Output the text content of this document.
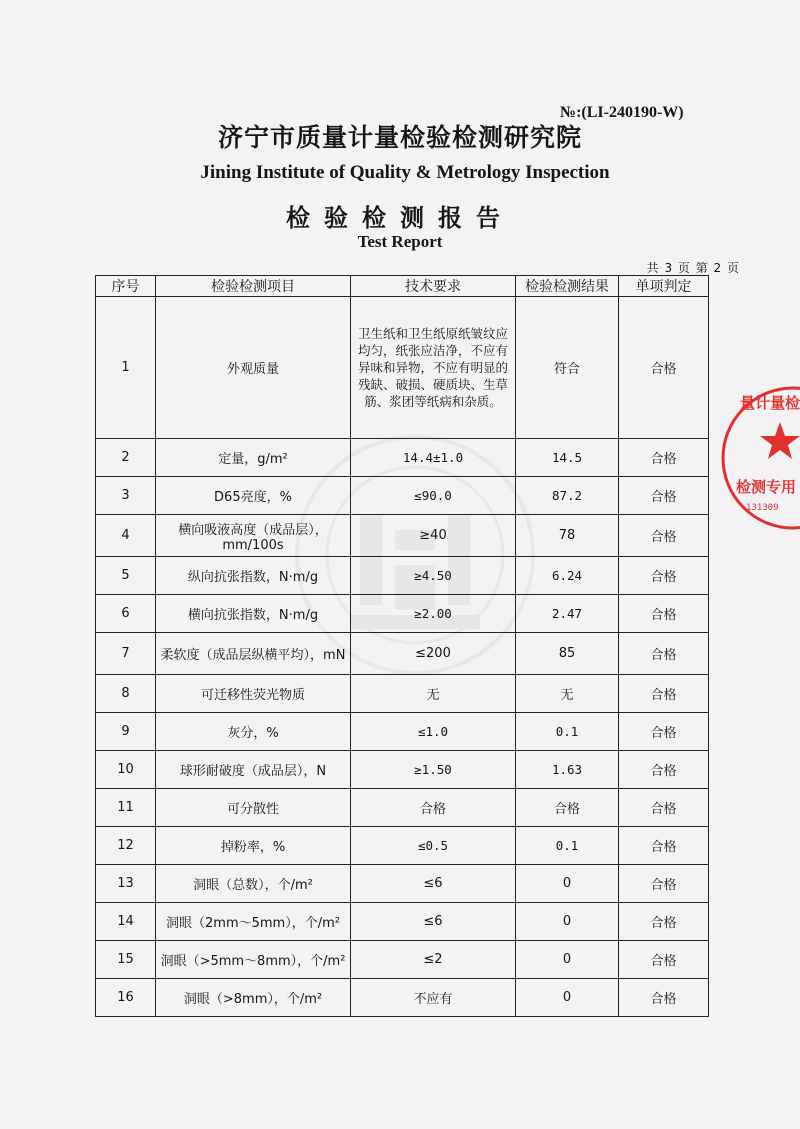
№:(LI-240190-W)
济宁市质量计量检验检测研究院
Jining Institute of Quality & Metrology Inspection
检验检测报告
Test Report
共 3 页 第 2 页
序号	检验检测项目	技术要求	检验检测结果	单项判定
1	外观质量	卫生纸和卫生纸原纸皱纹应均匀，纸张应洁净，不应有异味和异物，不应有明显的残缺、破损、硬质块、生草筋、浆团等纸病和杂质。	符合	合格
2	定量，g/m²	14.4±1.0	14.5	合格
3	D65亮度，%	≤90.0	87.2	合格
4	横向吸液高度（成品层），mm/100s	≥40	78	合格
5	纵向抗张指数，N·m/g	≥4.50	6.24	合格
6	横向抗张指数，N·m/g	≥2.00	2.47	合格
7	柔软度（成品层纵横平均），mN	≤200	85	合格
8	可迁移性荧光物质	无	无	合格
9	灰分，%	≤1.0	0.1	合格
10	球形耐破度（成品层），N	≥1.50	1.63	合格
11	可分散性	合格	合格	合格
12	掉粉率，%	≤0.5	0.1	合格
13	洞眼（总数），个/m²	≤6	0	合格
14	洞眼（2mm～5mm），个/m²	≤6	0	合格
15	洞眼（>5mm～8mm），个/m²	≤2	0	合格
16	洞眼（>8mm），个/m²	不应有	0	合格
量计量检
检测专用
131309
